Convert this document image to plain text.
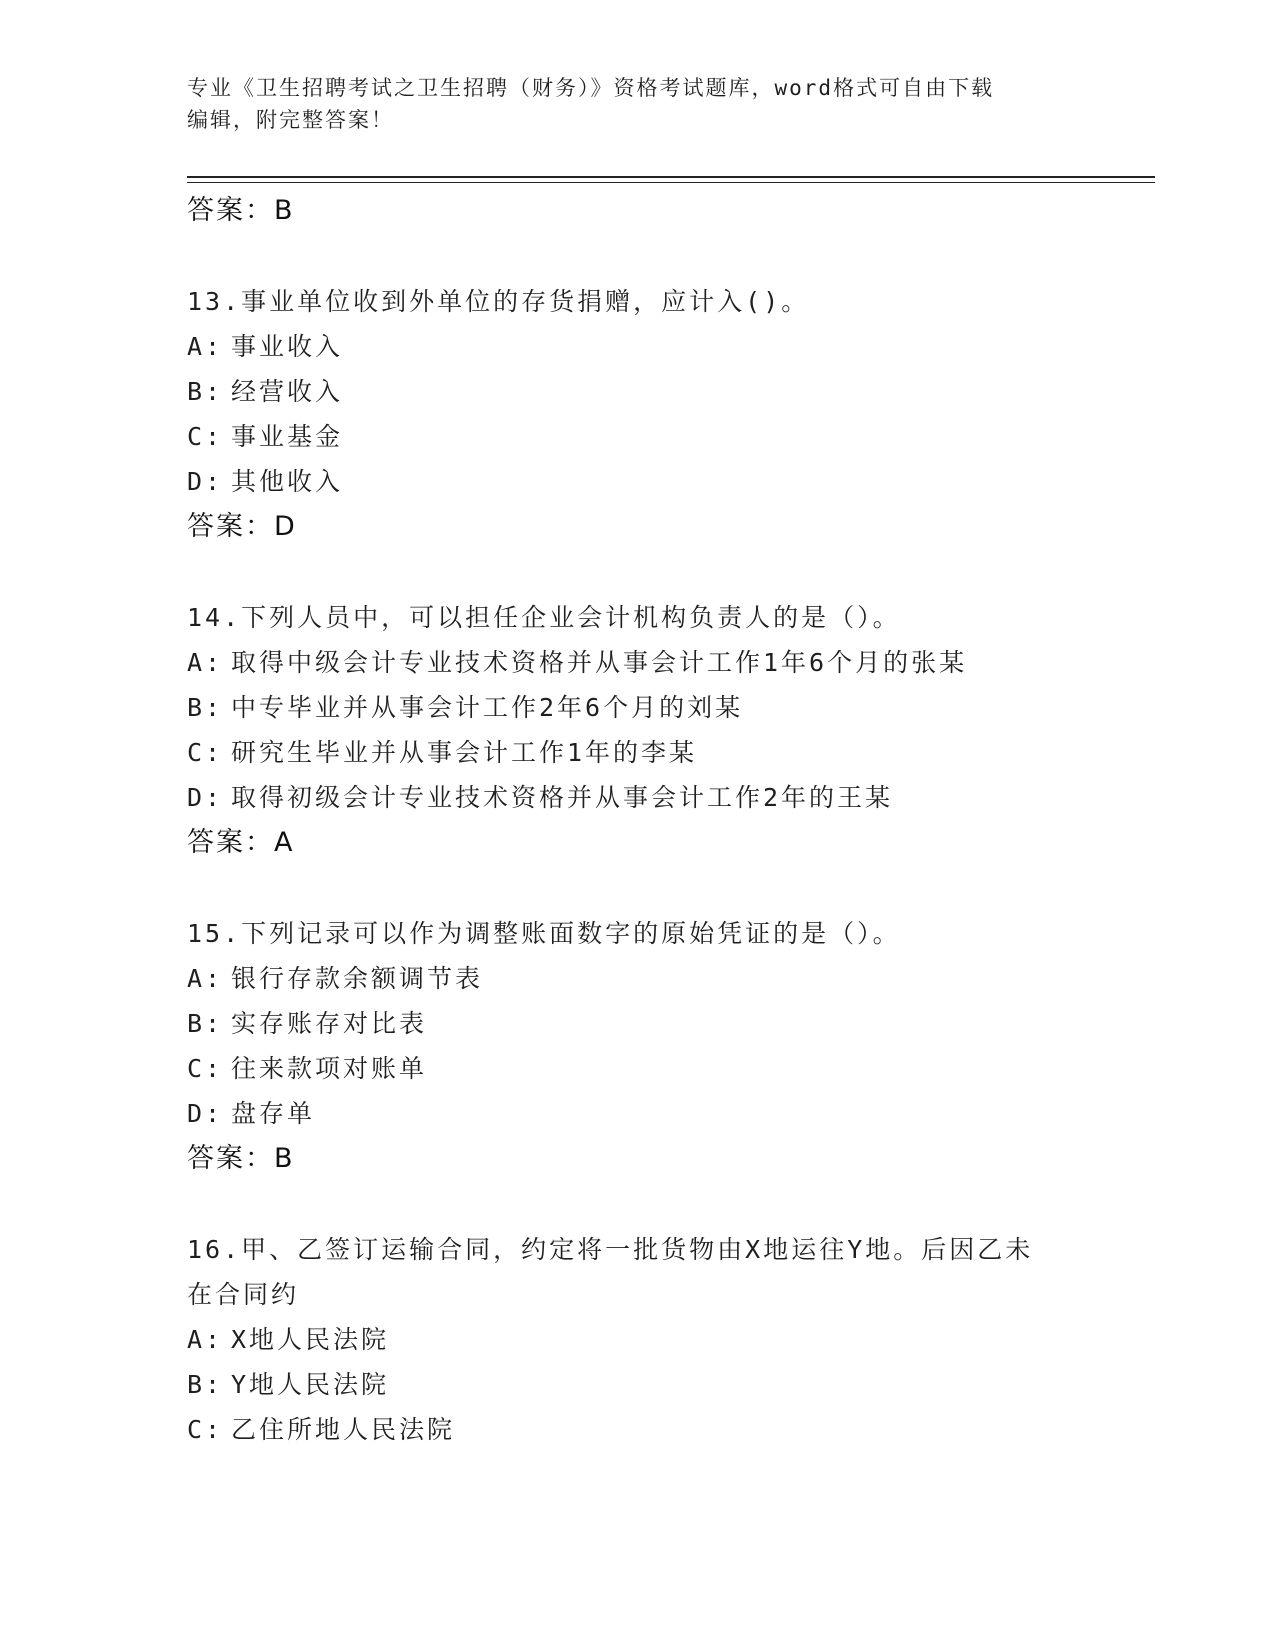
专业《卫生招聘考试之卫生招聘（财务）》资格考试题库，word格式可自由下载
编辑，附完整答案！
答案：B
13.事业单位收到外单位的存货捐赠，应计入()。
A: 事业收入
B: 经营收入
C: 事业基金
D: 其他收入
答案：D
14.下列人员中，可以担任企业会计机构负责人的是（）。
A: 取得中级会计专业技术资格并从事会计工作1年6个月的张某
B: 中专毕业并从事会计工作2年6个月的刘某
C: 研究生毕业并从事会计工作1年的李某
D: 取得初级会计专业技术资格并从事会计工作2年的王某
答案：A
15.下列记录可以作为调整账面数字的原始凭证的是（）。
A: 银行存款余额调节表
B: 实存账存对比表
C: 往来款项对账单
D: 盘存单
答案：B
16.甲、乙签订运输合同，约定将一批货物由X地运往Y地。后因乙未
在合同约
A: X地人民法院
B: Y地人民法院
C: 乙住所地人民法院
